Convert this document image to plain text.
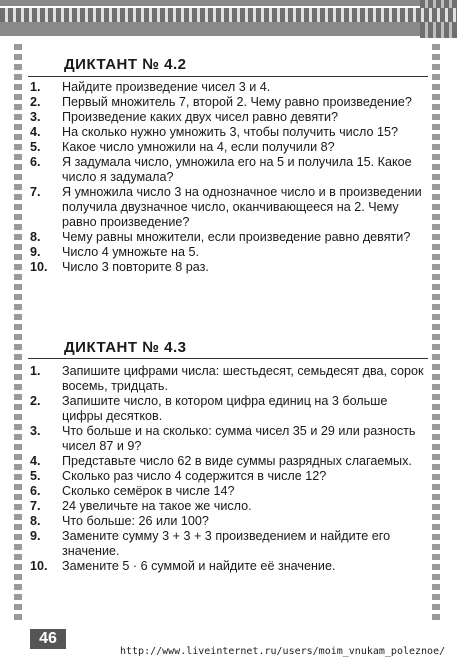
ДИКТАНТ № 4.2
1.	Найдите произведение чисел 3 и 4.
2.	Первый множитель 7, второй 2. Чему равно произведение?
3.	Произведение каких двух чисел равно девяти?
4.	На сколько нужно умножить 3, чтобы получить число 15?
5.	Какое число умножили на 4, если получили 8?
6.	Я задумала число, умножила его на 5 и получила 15. Какое число я задумала?
7.	Я умножила число 3 на однозначное число и в произведении получила двузначное число, оканчивающееся на 2. Чему равно произведение?
8.	Чему равны множители, если произведение равно девяти?
9.	Число 4 умножьте на 5.
10.	Число 3 повторите 8 раз.
ДИКТАНТ № 4.3
1.	Запишите цифрами числа: шестьдесят, семьдесят два, сорок восемь, тридцать.
2.	Запишите число, в котором цифра единиц на 3 больше цифры десятков.
3.	Что больше и на сколько: сумма чисел 35 и 29 или разность чисел 87 и 9?
4.	Представьте число 62 в виде суммы разрядных слагаемых.
5.	Сколько раз число 4 содержится в числе 12?
6.	Сколько семёрок в числе 14?
7.	24 увеличьте на такое же число.
8.	Что больше: 26 или 100?
9.	Замените сумму 3 + 3 + 3 произведением и найдите его значение.
10.	Замените 5 · 6 суммой и найдите её значение.
46
http://www.liveinternet.ru/users/moim_vnukam_poleznoe/
